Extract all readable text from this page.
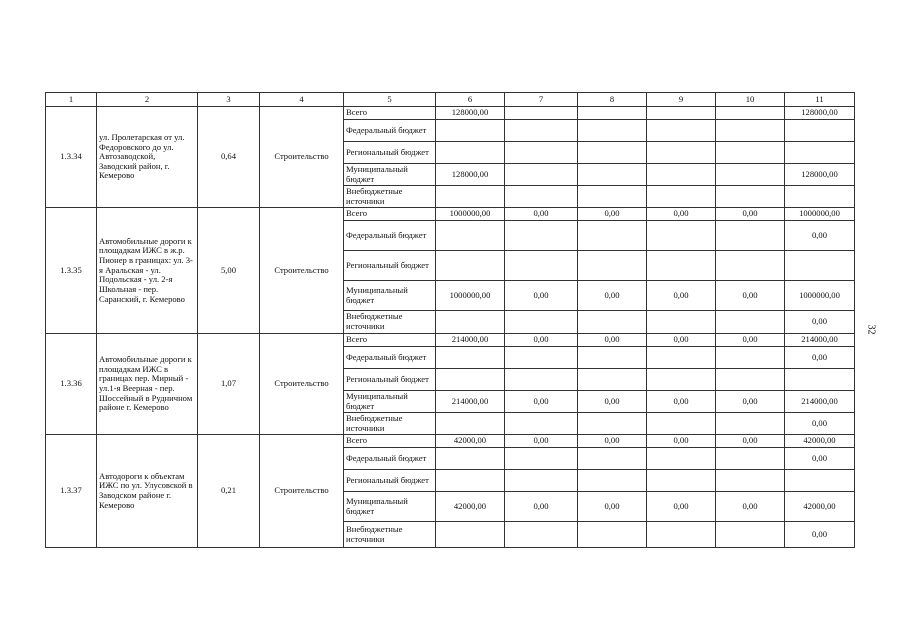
1	2	3	4	5	6	7	8	9	10	11
1.3.34	ул. Пролетарская от ул. Федоровского до ул. Автозаводской, Заводский район, г. Кемерово	0,64	Строительство	Всего	128000,00					128000,00
				Федеральный бюджет						
				Региональный бюджет						
				Муниципальный бюджет	128000,00					128000,00
				Внебюджетные источники						
1.3.35	Автомобильные дороги к площадкам ИЖС в ж.р. Пионер в границах: ул. 3-я Аральская - ул. Подольская - ул. 2-я Школьная - пер. Саранский, г. Кемерово	5,00	Строительство	Всего	1000000,00	0,00	0,00	0,00	0,00	1000000,00
				Федеральный бюджет						0,00
				Региональный бюджет						
				Муниципальный бюджет	1000000,00	0,00	0,00	0,00	0,00	1000000,00
				Внебюджетные источники						0,00
1.3.36	Автомобильные дороги к площадкам ИЖС в границах пер. Мирный - ул.1-я Веерная - пер. Шоссейный в Рудничном районе г. Кемерово	1,07	Строительство	Всего	214000,00	0,00	0,00	0,00	0,00	214000,00
				Федеральный бюджет						0,00
				Региональный бюджет						
				Муниципальный бюджет	214000,00	0,00	0,00	0,00	0,00	214000,00
				Внебюджетные источники						0,00
1.3.37	Автодороги к объектам ИЖС по ул. Улусовской в Заводском районе г. Кемерово	0,21	Строительство	Всего	42000,00	0,00	0,00	0,00	0,00	42000,00
				Федеральный бюджет						0,00
				Региональный бюджет						
				Муниципальный бюджет	42000,00	0,00	0,00	0,00	0,00	42000,00
				Внебюджетные источники						0,00
32
